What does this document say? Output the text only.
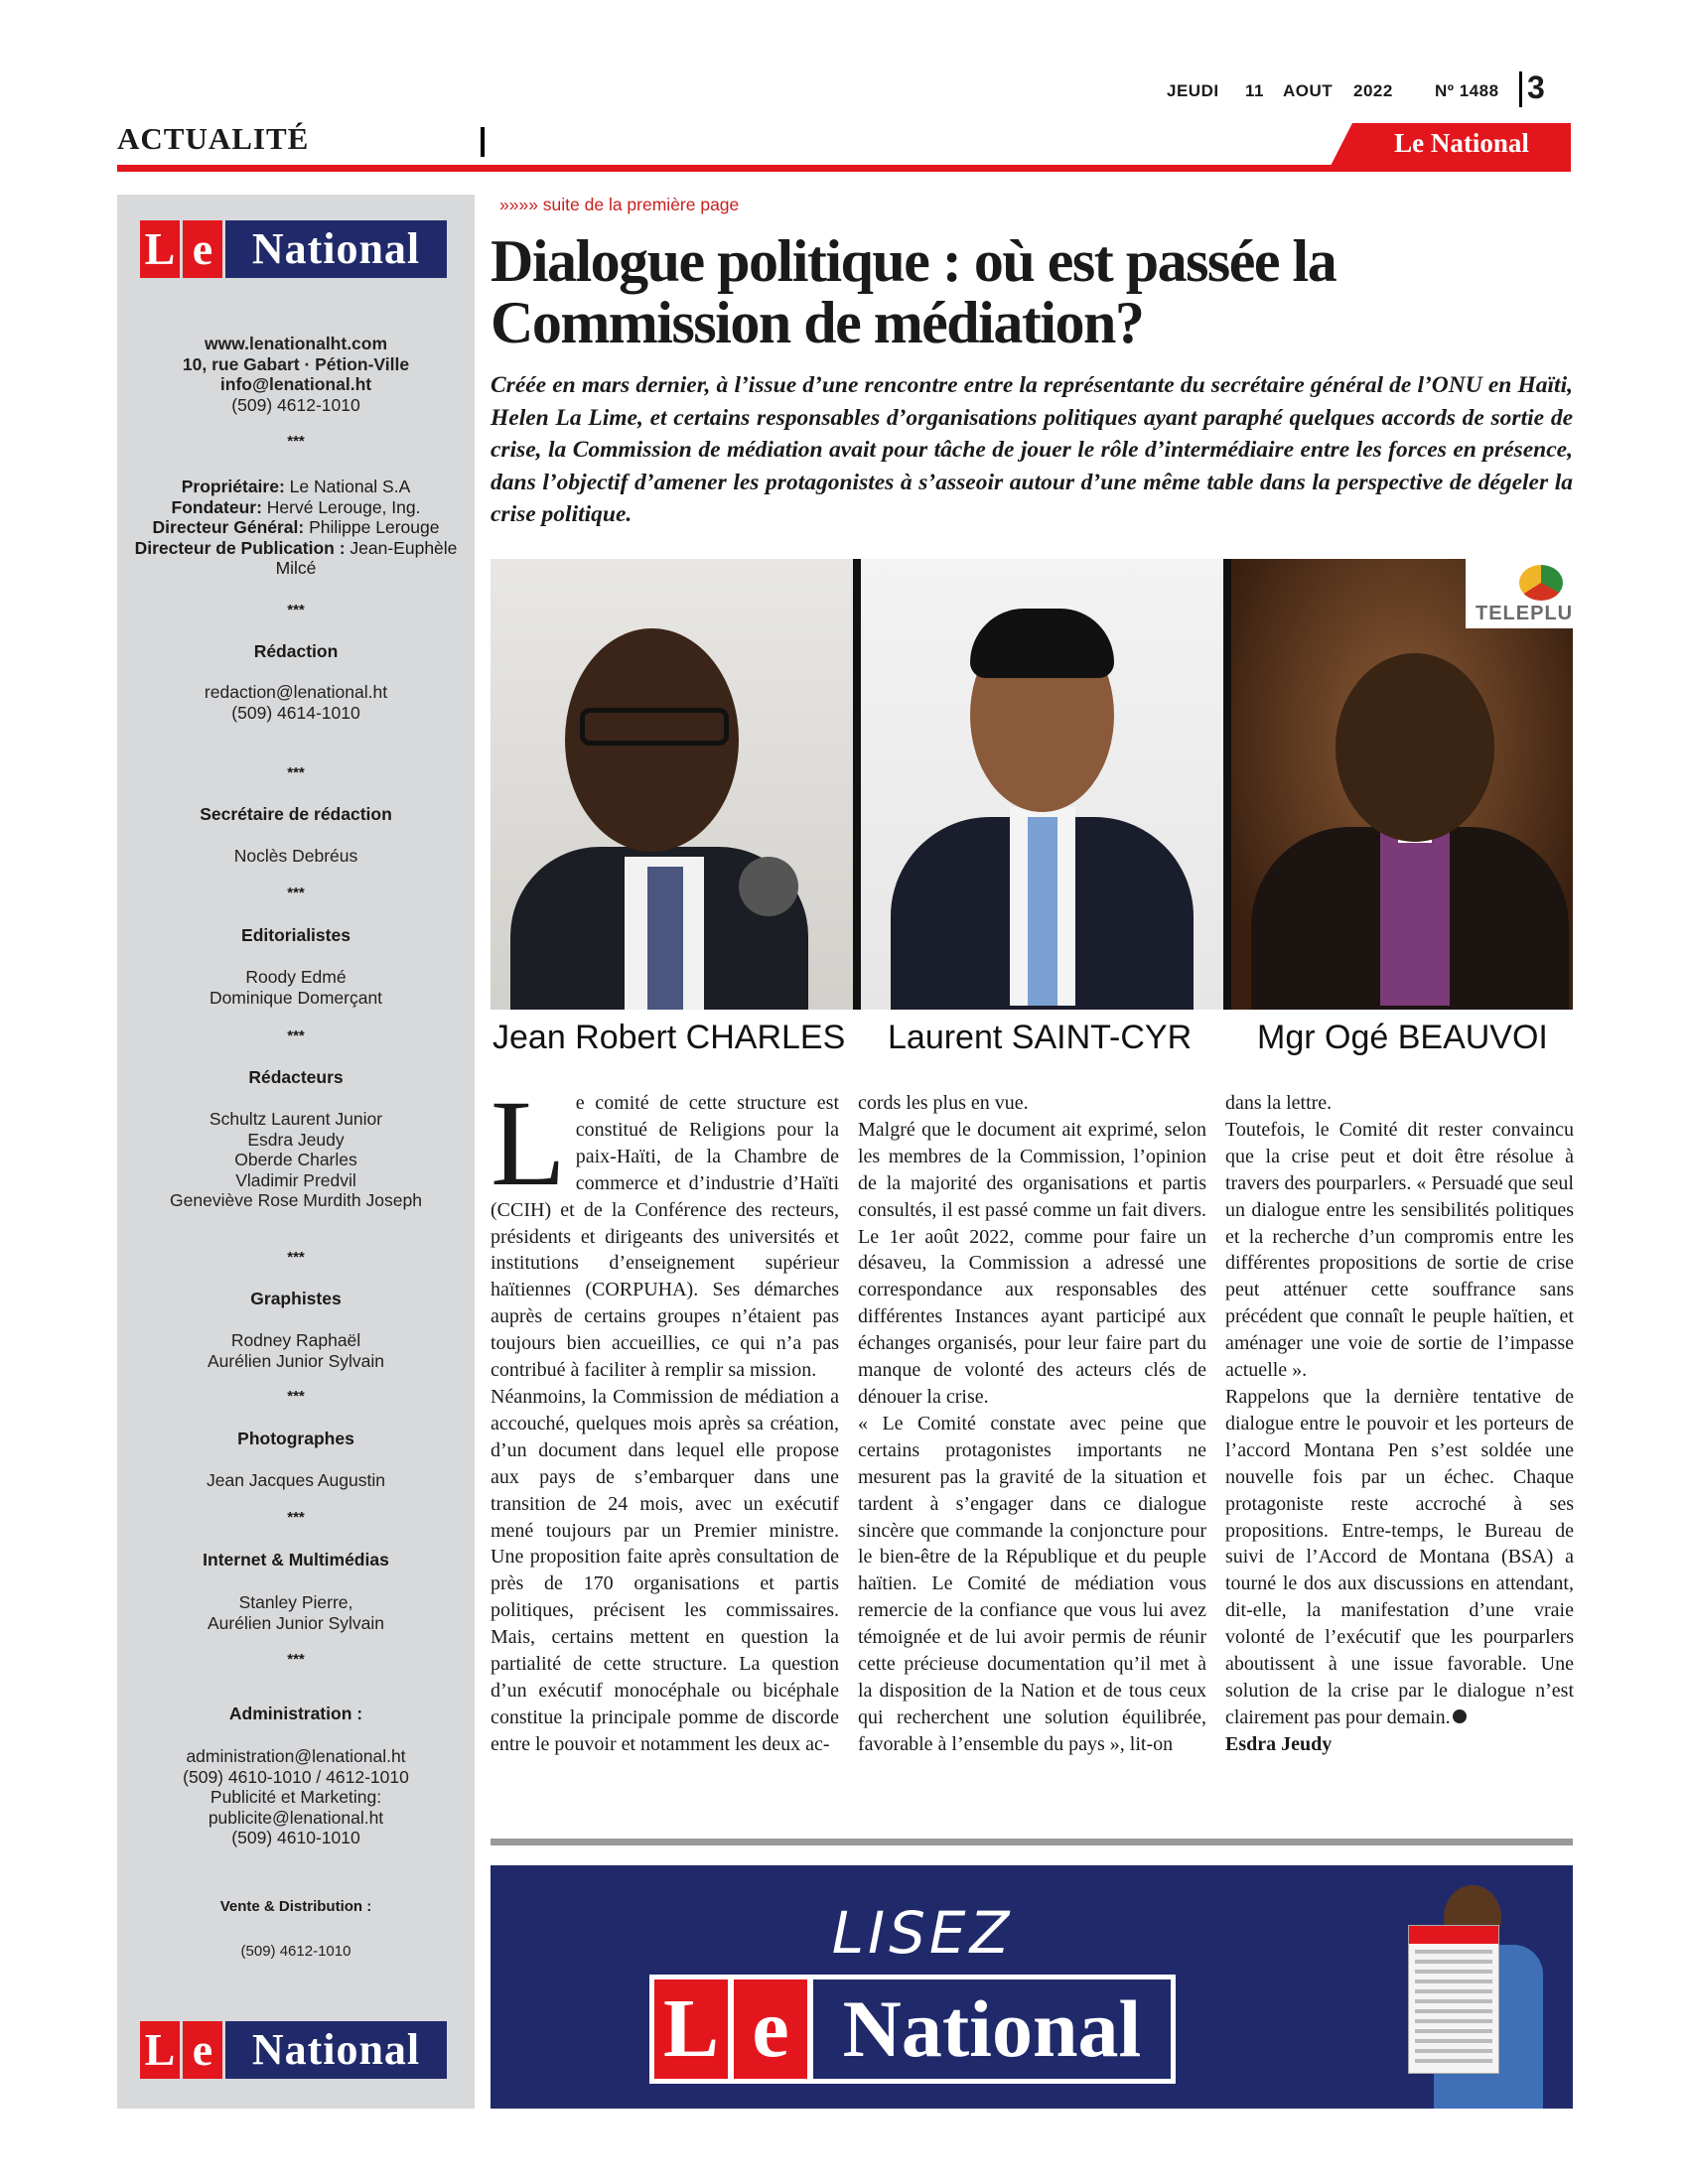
JEUDI 11 AOUT 2022 Nº 1488 3
ACTUALITÉ	Le National
L e National
www.lenationalht.com
10, rue Gabart · Pétion-Ville
info@lenational.ht
(509) 4612-1010
***
Propriétaire: Le National S.A
Fondateur: Hervé Lerouge, Ing.
Directeur Général: Philippe Lerouge
Directeur de Publication : Jean-Euphèle Milcé
***
Rédaction
redaction@lenational.ht
(509) 4614-1010
***
Secrétaire de rédaction
Noclès Debréus
***
Editorialistes
Roody Edmé
Dominique Domerçant
***
Rédacteurs
Schultz Laurent Junior
Esdra Jeudy
Oberde Charles
Vladimir Predvil
Geneviève Rose Murdith Joseph
***
Graphistes
Rodney Raphaël
Aurélien Junior Sylvain
***
Photographes
Jean Jacques Augustin
***
Internet & Multimédias
Stanley Pierre,
Aurélien Junior Sylvain
***
Administration :
administration@lenational.ht
(509) 4610-1010 / 4612-1010
Publicité et Marketing:
publicite@lenational.ht
(509) 4610-1010
Vente & Distribution :
(509) 4612-1010
L e National
»»»» suite de la première page
Dialogue politique : où est passée la Commission de médiation?

Créée en mars dernier, à l’issue d’une rencontre entre la représentante du secrétaire général de l’ONU en Haïti, Helen La Lime, et certains responsables d’organisations politiques ayant paraphé quelques accords de sortie de crise, la Commission de médiation avait pour tâche de jouer le rôle d’intermédiaire entre les forces en présence, dans l’objectif d’amener les protagonistes à s’asseoir autour d’une même table dans la perspective de dégeler la crise politique.

TELEPLU
Jean Robert CHARLES Laurent SAINT-CYR Mgr Ogé BEAUVOI
L e comité de cette structure est constitué de Religions pour la paix-Haïti, de la Chambre de commerce et d’industrie d’Haïti (CCIH) et de la Conférence des recteurs, présidents et dirigeants des universités et institutions d’enseignement supérieur haïtiennes (CORPUHA). Ses démarches auprès de certains groupes n’étaient pas toujours bien accueillies, ce qui n’a pas contribué à faciliter à remplir sa mission.

Néanmoins, la Commission de médiation a accouché, quelques mois après sa création, d’un document dans lequel elle propose aux pays de s’embarquer dans une transition de 24 mois, avec un exécutif mené toujours par un Premier ministre. Une proposition faite après consultation de près de 170 organisations et partis politiques, précisent les commissaires. Mais, certains mettent en question la partialité de cette structure. La question d’un exécutif monocéphale ou bicéphale constitue la principale pomme de discorde entre le pouvoir et notamment les deux ac-

cords les plus en vue.

Malgré que le document ait exprimé, selon les membres de la Commission, l’opinion de la majorité des organisations et partis consultés, il est passé comme un fait divers. Le 1er août 2022, comme pour faire un désaveu, la Commission a adressé une correspondance aux responsables des différentes Instances ayant participé aux échanges organisés, pour leur faire part du manque de volonté des acteurs clés de dénouer la crise.

« Le Comité constate avec peine que certains protagonistes importants ne mesurent pas la gravité de la situation et tardent à s’engager dans ce dialogue sincère que commande la conjoncture pour le bien-être de la République et du peuple haïtien. Le Comité de médiation vous remercie de la confiance que vous lui avez témoignée et de lui avoir permis de réunir cette précieuse documentation qu’il met à la disposition de la Nation et de tous ceux qui recherchent une solution équilibrée, favorable à l’ensemble du pays », lit-on

dans la lettre.

Toutefois, le Comité dit rester convaincu que la crise peut et doit être résolue à travers des pourparlers. « Persuadé que seul un dialogue entre les sensibilités politiques et la recherche d’un compromis entre les différentes propositions de sortie de crise peut atténuer cette souffrance sans précédent que connaît le peuple haïtien, et aménager une voie de sortie de l’impasse actuelle ».

Rappelons que la dernière tentative de dialogue entre le pouvoir et les porteurs de l’accord Montana Pen s’est soldée une nouvelle fois par un échec. Chaque protagoniste reste accroché à ses propositions. Entre-temps, le Bureau de suivi de l’Accord de Montana (BSA) a tourné le dos aux discussions en attendant, dit-elle, la manifestation d’une vraie volonté de l’exécutif que les pourparlers aboutissent à une issue favorable. Une solution de la crise par le dialogue n’est clairement pas pour demain.

Esdra Jeudy

LISEZ
L e National
